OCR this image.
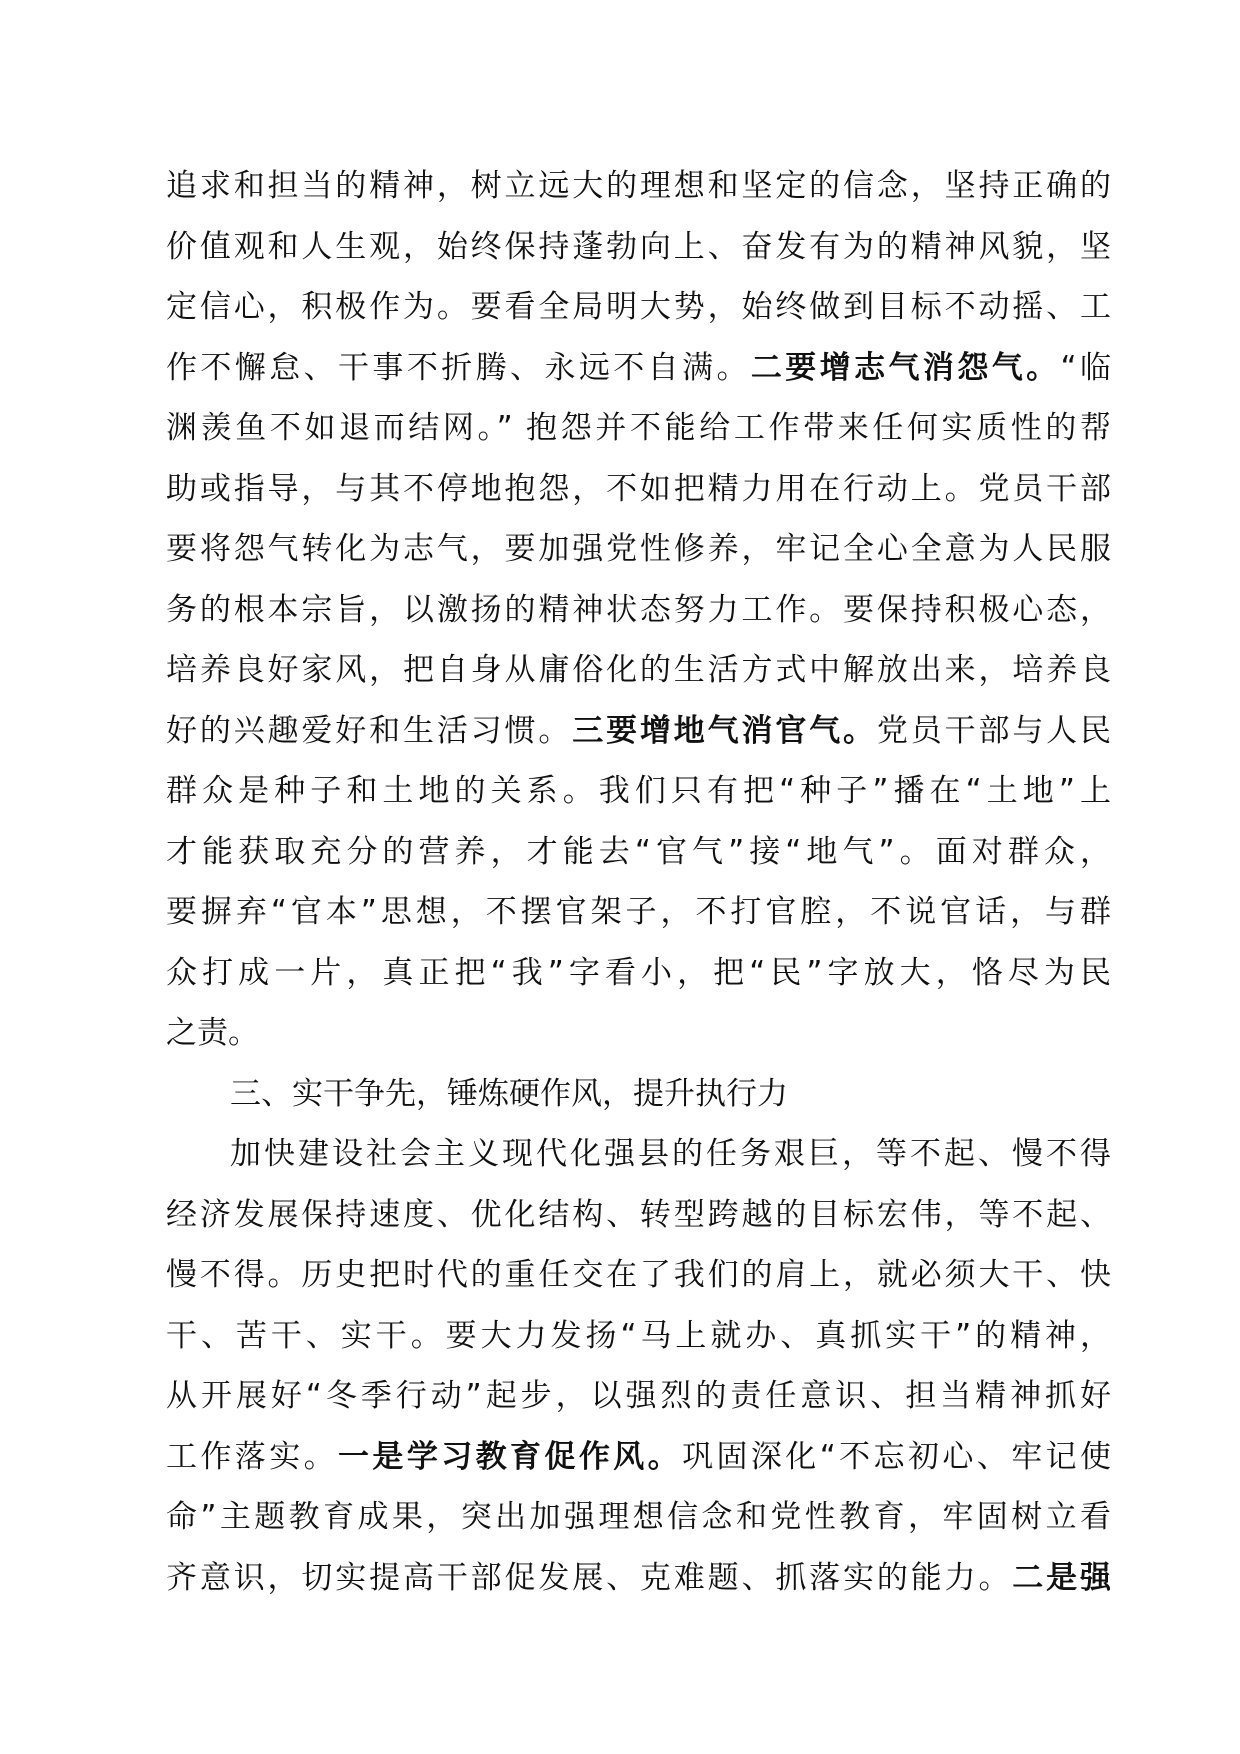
追求和担当的精神，树立远大的理想和坚定的信念，坚持正确的
价值观和人生观，始终保持蓬勃向上、奋发有为的精神风貌，坚
定信心，积极作为。要看全局明大势，始终做到目标不动摇、工
作不懈怠、干事不折腾、永远不自满。二要增志气消怨气。“临
渊羡鱼不如退而结网。” 抱怨并不能给工作带来任何实质性的帮
助或指导，与其不停地抱怨，不如把精力用在行动上。党员干部
要将怨气转化为志气，要加强党性修养，牢记全心全意为人民服
务的根本宗旨，以激扬的精神状态努力工作。要保持积极心态，
培养良好家风，把自身从庸俗化的生活方式中解放出来，培养良
好的兴趣爱好和生活习惯。三要增地气消官气。党员干部与人民
群众是种子和土地的关系。我们只有把“种子”播在“土地”上
才能获取充分的营养，才能去“官气”接“地气”。面对群众，
要摒弃“官本”思想，不摆官架子，不打官腔，不说官话，与群
众打成一片，真正把“我”字看小，把“民”字放大，恪尽为民
之责。
三、实干争先，锤炼硬作风，提升执行力
加快建设社会主义现代化强县的任务艰巨，等不起、慢不得
经济发展保持速度、优化结构、转型跨越的目标宏伟，等不起、
慢不得。历史把时代的重任交在了我们的肩上，就必须大干、快
干、苦干、实干。要大力发扬“马上就办、真抓实干”的精神，
从开展好“冬季行动”起步，以强烈的责任意识、担当精神抓好
工作落实。一是学习教育促作风。巩固深化“不忘初心、牢记使
命”主题教育成果，突出加强理想信念和党性教育，牢固树立看
齐意识，切实提高干部促发展、克难题、抓落实的能力。二是强
